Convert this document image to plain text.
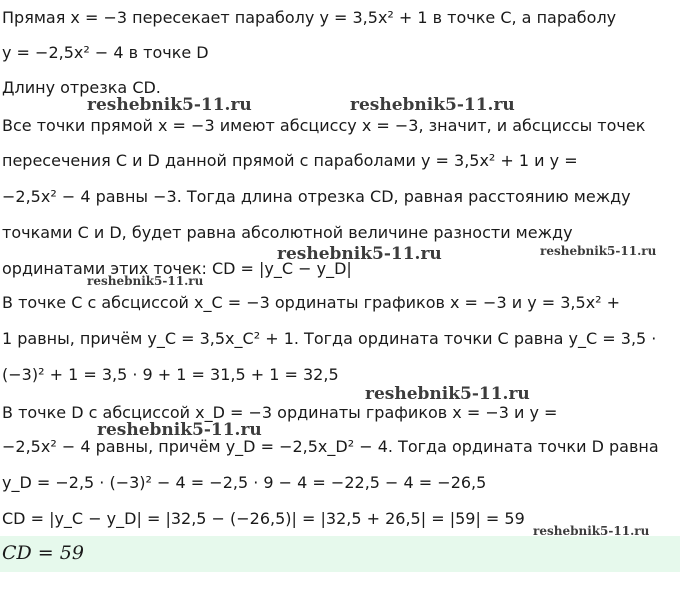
Прямая x = −3 пересекает параболу y = 3,5x² + 1 в точке C, а параболу
y = −2,5x² − 4 в точке D
Длину отрезка CD.
Все точки прямой x = −3 имеют абсциссу x = −3, значит, и абсциссы точек
пересечения C и D данной прямой с параболами y = 3,5x² + 1 и y =
−2,5x² − 4 равны −3. Тогда длина отрезка CD, равная расстоянию между
точками C и D, будет равна абсолютной величине разности между
ординатами этих точек: CD = |y_C − y_D|
В точке C с абсциссой x_C = −3 ординаты графиков x = −3 и y = 3,5x² +
1 равны, причём y_C = 3,5x_C² + 1. Тогда ордината точки C равна y_C = 3,5 ·
(−3)² + 1 = 3,5 · 9 + 1 = 31,5 + 1 = 32,5
В точке D с абсциссой x_D = −3 ординаты графиков x = −3 и y =
−2,5x² − 4 равны, причём y_D = −2,5x_D² − 4. Тогда ордината точки D равна
y_D = −2,5 · (−3)² − 4 = −2,5 · 9 − 4 = −22,5 − 4 = −26,5
CD = |y_C − y_D| = |32,5 − (−26,5)| = |32,5 + 26,5| = |59| = 59
CD = 59
reshebnik5-11.ru	reshebnik5-11.ru
reshebnik5-11.ru	reshebnik5-11.ru
reshebnik5-11.ru
reshebnik5-11.ru
reshebnik5-11.ru
reshebnik5-11.ru
